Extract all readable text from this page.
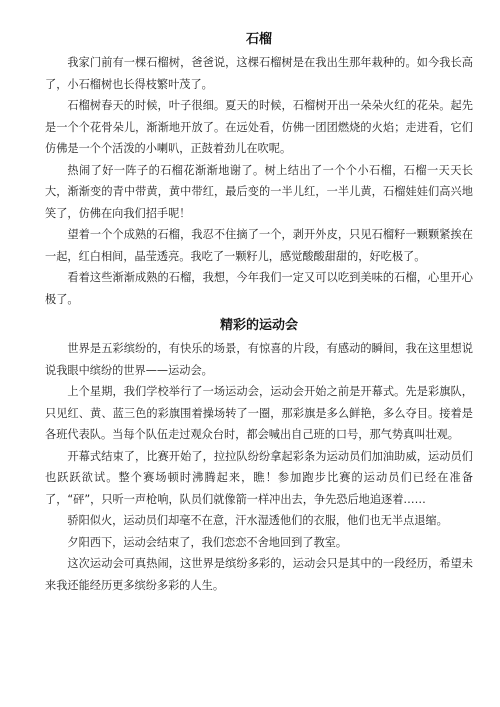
石榴

我家门前有一棵石榴树，爸爸说，这棵石榴树是在我出生那年栽种的。如今我长高了，小石榴树也长得枝繁叶茂了。

石榴树春天的时候，叶子很细。夏天的时候，石榴树开出一朵朵火红的花朵。起先是一个个花骨朵儿，渐渐地开放了。在远处看，仿佛一团团燃烧的火焰；走进看，它们仿佛是一个个活泼的小喇叭，正鼓着劲儿在吹呢。

热闹了好一阵子的石榴花渐渐地谢了。树上结出了一个个小石榴，石榴一天天长大，渐渐变的青中带黄，黄中带红，最后变的一半儿红，一半儿黄，石榴娃娃们高兴地笑了，仿佛在向我们招手呢！

望着一个个成熟的石榴，我忍不住摘了一个，剥开外皮，只见石榴籽一颗颗紧挨在一起，红白相间，晶莹透亮。我吃了一颗籽儿，感觉酸酸甜甜的，好吃极了。

看着这些渐渐成熟的石榴，我想，今年我们一定又可以吃到美味的石榴，心里开心极了。

精彩的运动会

世界是五彩缤纷的，有快乐的场景，有惊喜的片段，有感动的瞬间，我在这里想说说我眼中缤纷的世界——运动会。

上个星期，我们学校举行了一场运动会，运动会开始之前是开幕式。先是彩旗队，只见红、黄、蓝三色的彩旗围着操场转了一圈，那彩旗是多么鲜艳，多么夺目。接着是各班代表队。当每个队伍走过观众台时，都会喊出自己班的口号，那气势真叫壮观。

开幕式结束了，比赛开始了，拉拉队纷纷拿起彩条为运动员们加油助威，运动员们也跃跃欲试。整个赛场顿时沸腾起来，瞧！参加跑步比赛的运动员们已经在准备了，“砰”，只听一声枪响，队员们就像箭一样冲出去，争先恐后地追逐着……

骄阳似火，运动员们却毫不在意，汗水湿透他们的衣服，他们也无半点退缩。

夕阳西下，运动会结束了，我们恋恋不舍地回到了教室。

这次运动会可真热闹，这世界是缤纷多彩的，运动会只是其中的一段经历，希望未来我还能经历更多缤纷多彩的人生。
